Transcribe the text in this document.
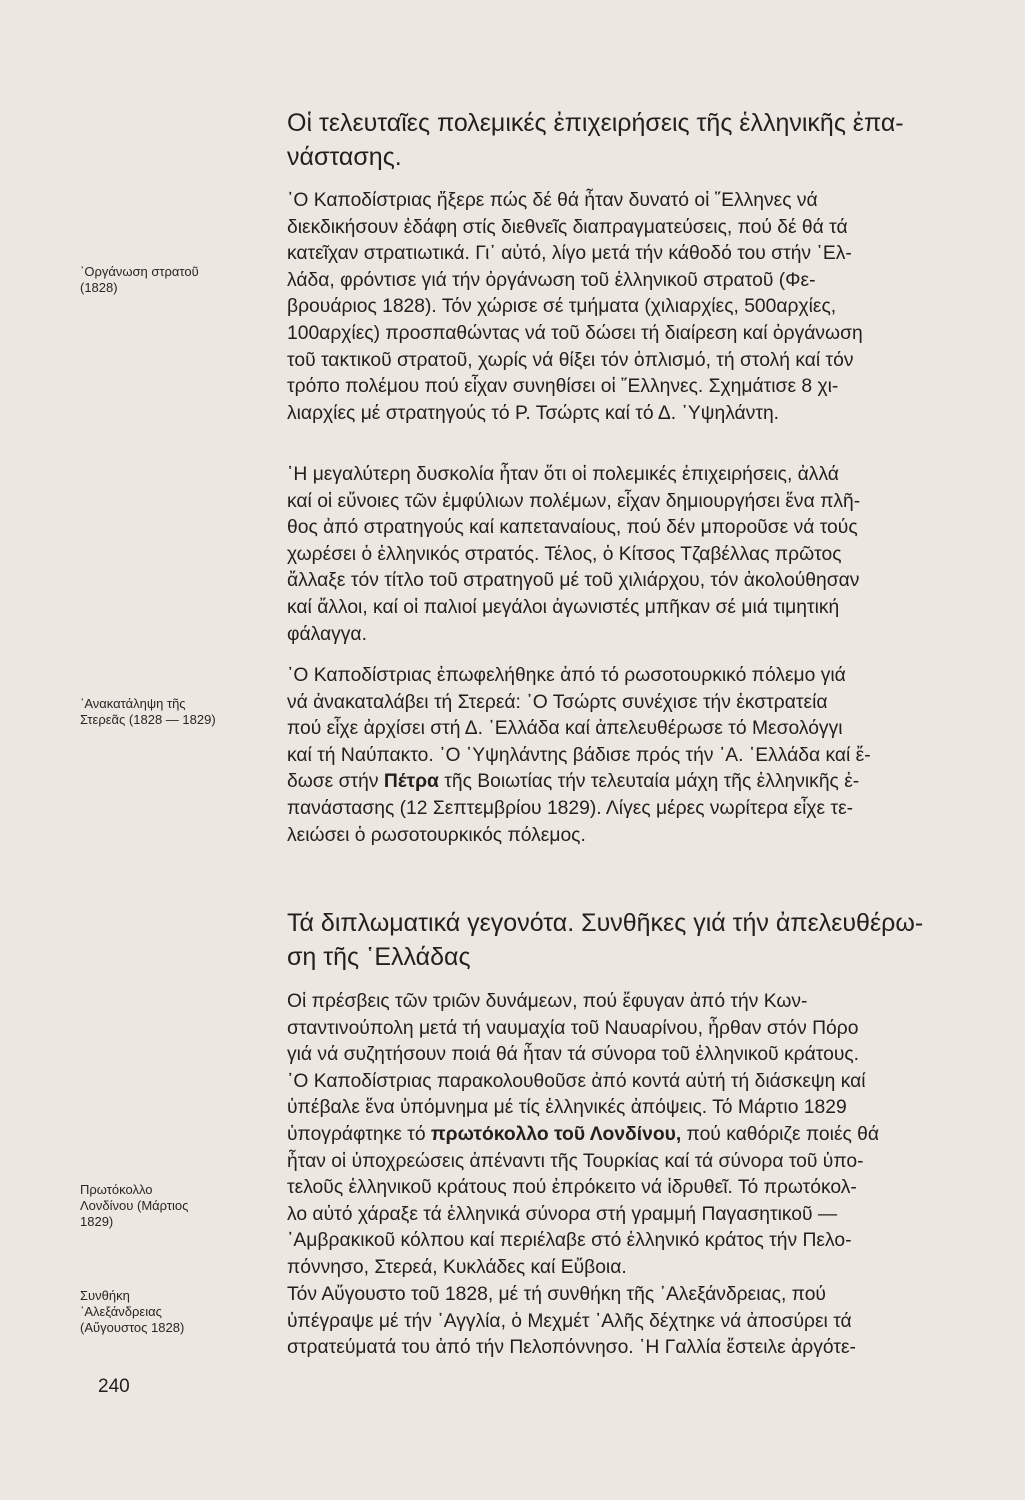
᾿Οργάνωση στρατοῦ
(1828)
᾿Ανακατάληψη τῆς
Στερεᾶς (1828 — 1829)
Πρωτόκολλο
Λονδίνου (Μάρτιος
1829)
Συνθήκη
᾿Αλεξάνδρειας
(Αὔγουστος 1828)
Οἱ τελευταῖες πολεμικές ἐπιχειρήσεις τῆς ἑλληνικῆς ἐπα-
νάστασης.
᾿Ο Καποδίστριας ἤξερε πώς δέ θά ἦταν δυνατό οἱ ῞Ελληνες νά
διεκδικήσουν ἐδάφη στίς διεθνεῖς διαπραγματεύσεις, πού δέ θά τά
κατεῖχαν στρατιωτικά. Γι᾿ αὐτό, λίγο μετά τήν κάθοδό του στήν ῾Ελ-
λάδα, φρόντισε γιά τήν ὀργάνωση τοῦ ἑλληνικοῦ στρατοῦ (Φε-
βρουάριος 1828). Τόν χώρισε σέ τμήματα (χιλιαρχίες, 500αρχίες,
100αρχίες) προσπαθώντας νά τοῦ δώσει τή διαίρεση καί ὀργάνωση
τοῦ τακτικοῦ στρατοῦ, χωρίς νά θίξει τόν ὁπλισμό, τή στολή καί τόν
τρόπο πολέμου πού εἶχαν συνηθίσει οἱ ῞Ελληνες. Σχημάτισε 8 χι-
λιαρχίες μέ στρατηγούς τό Ρ. Τσώρτς καί τό Δ. ῾Υψηλάντη.
῾Η μεγαλύτερη δυσκολία ἦταν ὅτι οἱ πολεμικές ἐπιχειρήσεις, ἀλλά
καί οἱ εὔνοιες τῶν ἐμφύλιων πολέμων, εἶχαν δημιουργήσει ἕνα πλῆ-
θος ἀπό στρατηγούς καί καπεταναίους, πού δέν μποροῦσε νά τούς
χωρέσει ὁ ἑλληνικός στρατός. Τέλος, ὁ Κίτσος Τζαβέλλας πρῶτος
ἄλλαξε τόν τίτλο τοῦ στρατηγοῦ μέ τοῦ χιλιάρχου, τόν ἀκολούθησαν
καί ἄλλοι, καί οἱ παλιοί μεγάλοι ἀγωνιστές μπῆκαν σέ μιά τιμητική
φάλαγγα.
᾿Ο Καποδίστριας ἐπωφελήθηκε ἀπό τό ρωσοτουρκικό πόλεμο γιά
νά ἀνακαταλάβει τή Στερεά: ᾿Ο Τσώρτς συνέχισε τήν ἐκστρατεία
πού εἶχε ἀρχίσει στή Δ. ῾Ελλάδα καί ἀπελευθέρωσε τό Μεσολόγγι
καί τή Ναύπακτο. ᾿Ο ῾Υψηλάντης βάδισε πρός τήν ᾿Α. ῾Ελλάδα καί ἔ-
δωσε στήν Πέτρα τῆς Βοιωτίας τήν τελευταία μάχη τῆς ἑλληνικῆς ἐ-
πανάστασης (12 Σεπτεμβρίου 1829). Λίγες μέρες νωρίτερα εἶχε τε-
λειώσει ὁ ρωσοτουρκικός πόλεμος.
Τά διπλωματικά γεγονότα. Συνθῆκες γιά τήν ἀπελευθέρω-
ση τῆς ῾Ελλάδας
Οἱ πρέσβεις τῶν τριῶν δυνάμεων, πού ἔφυγαν ἀπό τήν Κων-
σταντινούπολη μετά τή ναυμαχία τοῦ Ναυαρίνου, ἦρθαν στόν Πόρο
γιά νά συζητήσουν ποιά θά ἦταν τά σύνορα τοῦ ἑλληνικοῦ κράτους.
᾿Ο Καποδίστριας παρακολουθοῦσε ἀπό κοντά αὐτή τή διάσκεψη καί
ὑπέβαλε ἕνα ὑπόμνημα μέ τίς ἑλληνικές ἀπόψεις. Τό Μάρτιο 1829
ὑπογράφτηκε τό πρωτόκολλο τοῦ Λονδίνου, πού καθόριζε ποιές θά
ἦταν οἱ ὑποχρεώσεις ἀπέναντι τῆς Τουρκίας καί τά σύνορα τοῦ ὑπο-
τελοῦς ἑλληνικοῦ κράτους πού ἐπρόκειτο νά ἱδρυθεῖ. Τό πρωτόκολ-
λο αὐτό χάραξε τά ἑλληνικά σύνορα στή γραμμή Παγασητικοῦ —
᾿Αμβρακικοῦ κόλπου καί περιέλαβε στό ἑλληνικό κράτος τήν Πελο-
πόννησο, Στερεά, Κυκλάδες καί Εὔβοια.
Τόν Αὔγουστο τοῦ 1828, μέ τή συνθήκη τῆς ᾿Αλεξάνδρειας, πού
ὑπέγραψε μέ τήν ᾿Αγγλία, ὁ Μεχμέτ ᾿Αλῆς δέχτηκε νά ἀποσύρει τά
στρατεύματά του ἀπό τήν Πελοπόννησο. ῾Η Γαλλία ἔστειλε ἀργότε-
240
